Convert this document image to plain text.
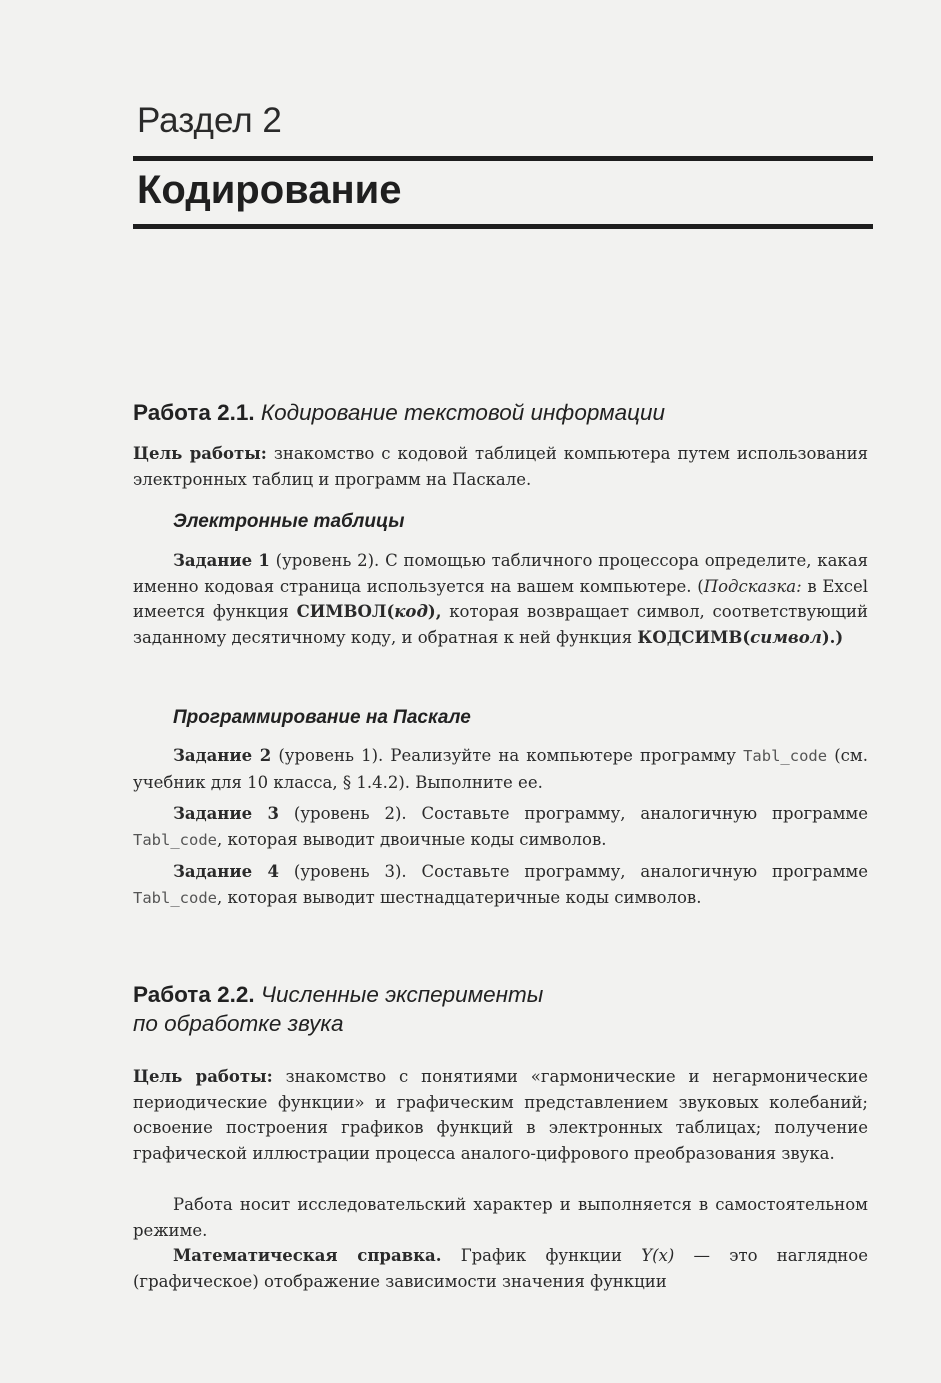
Раздел 2
Кодирование
Работа 2.1. Кодирование текстовой информации
Цель работы: знакомство с кодовой таблицей компьютера путем использования электронных таблиц и программ на Паскале.
Электронные таблицы
Задание 1 (уровень 2). С помощью табличного процессора определите, какая именно кодовая страница используется на вашем компьютере. (Подсказка: в Excel имеется функция СИМВОЛ(код), которая возвращает символ, соответствующий заданному десятичному коду, и обратная к ней функция КОДСИМВ(символ).)
Программирование на Паскале
Задание 2 (уровень 1). Реализуйте на компьютере программу Tabl_code (см. учебник для 10 класса, § 1.4.2). Выполните ее.
Задание 3 (уровень 2). Составьте программу, аналогичную программе Tabl_code, которая выводит двоичные коды символов.
Задание 4 (уровень 3). Составьте программу, аналогичную программе Tabl_code, которая выводит шестнадцатеричные коды символов.
Работа 2.2. Численные эксперименты
по обработке звука
Цель работы: знакомство с понятиями «гармонические и негармонические периодические функции» и графическим представлением звуковых колебаний; освоение построения графиков функций в электронных таблицах; получение графической иллюстрации процесса аналого-цифрового преобразования звука.
Работа носит исследовательский характер и выполняется в самостоятельном режиме.
Математическая справка. График функции Y(x) — это наглядное (графическое) отображение зависимости значения функции
